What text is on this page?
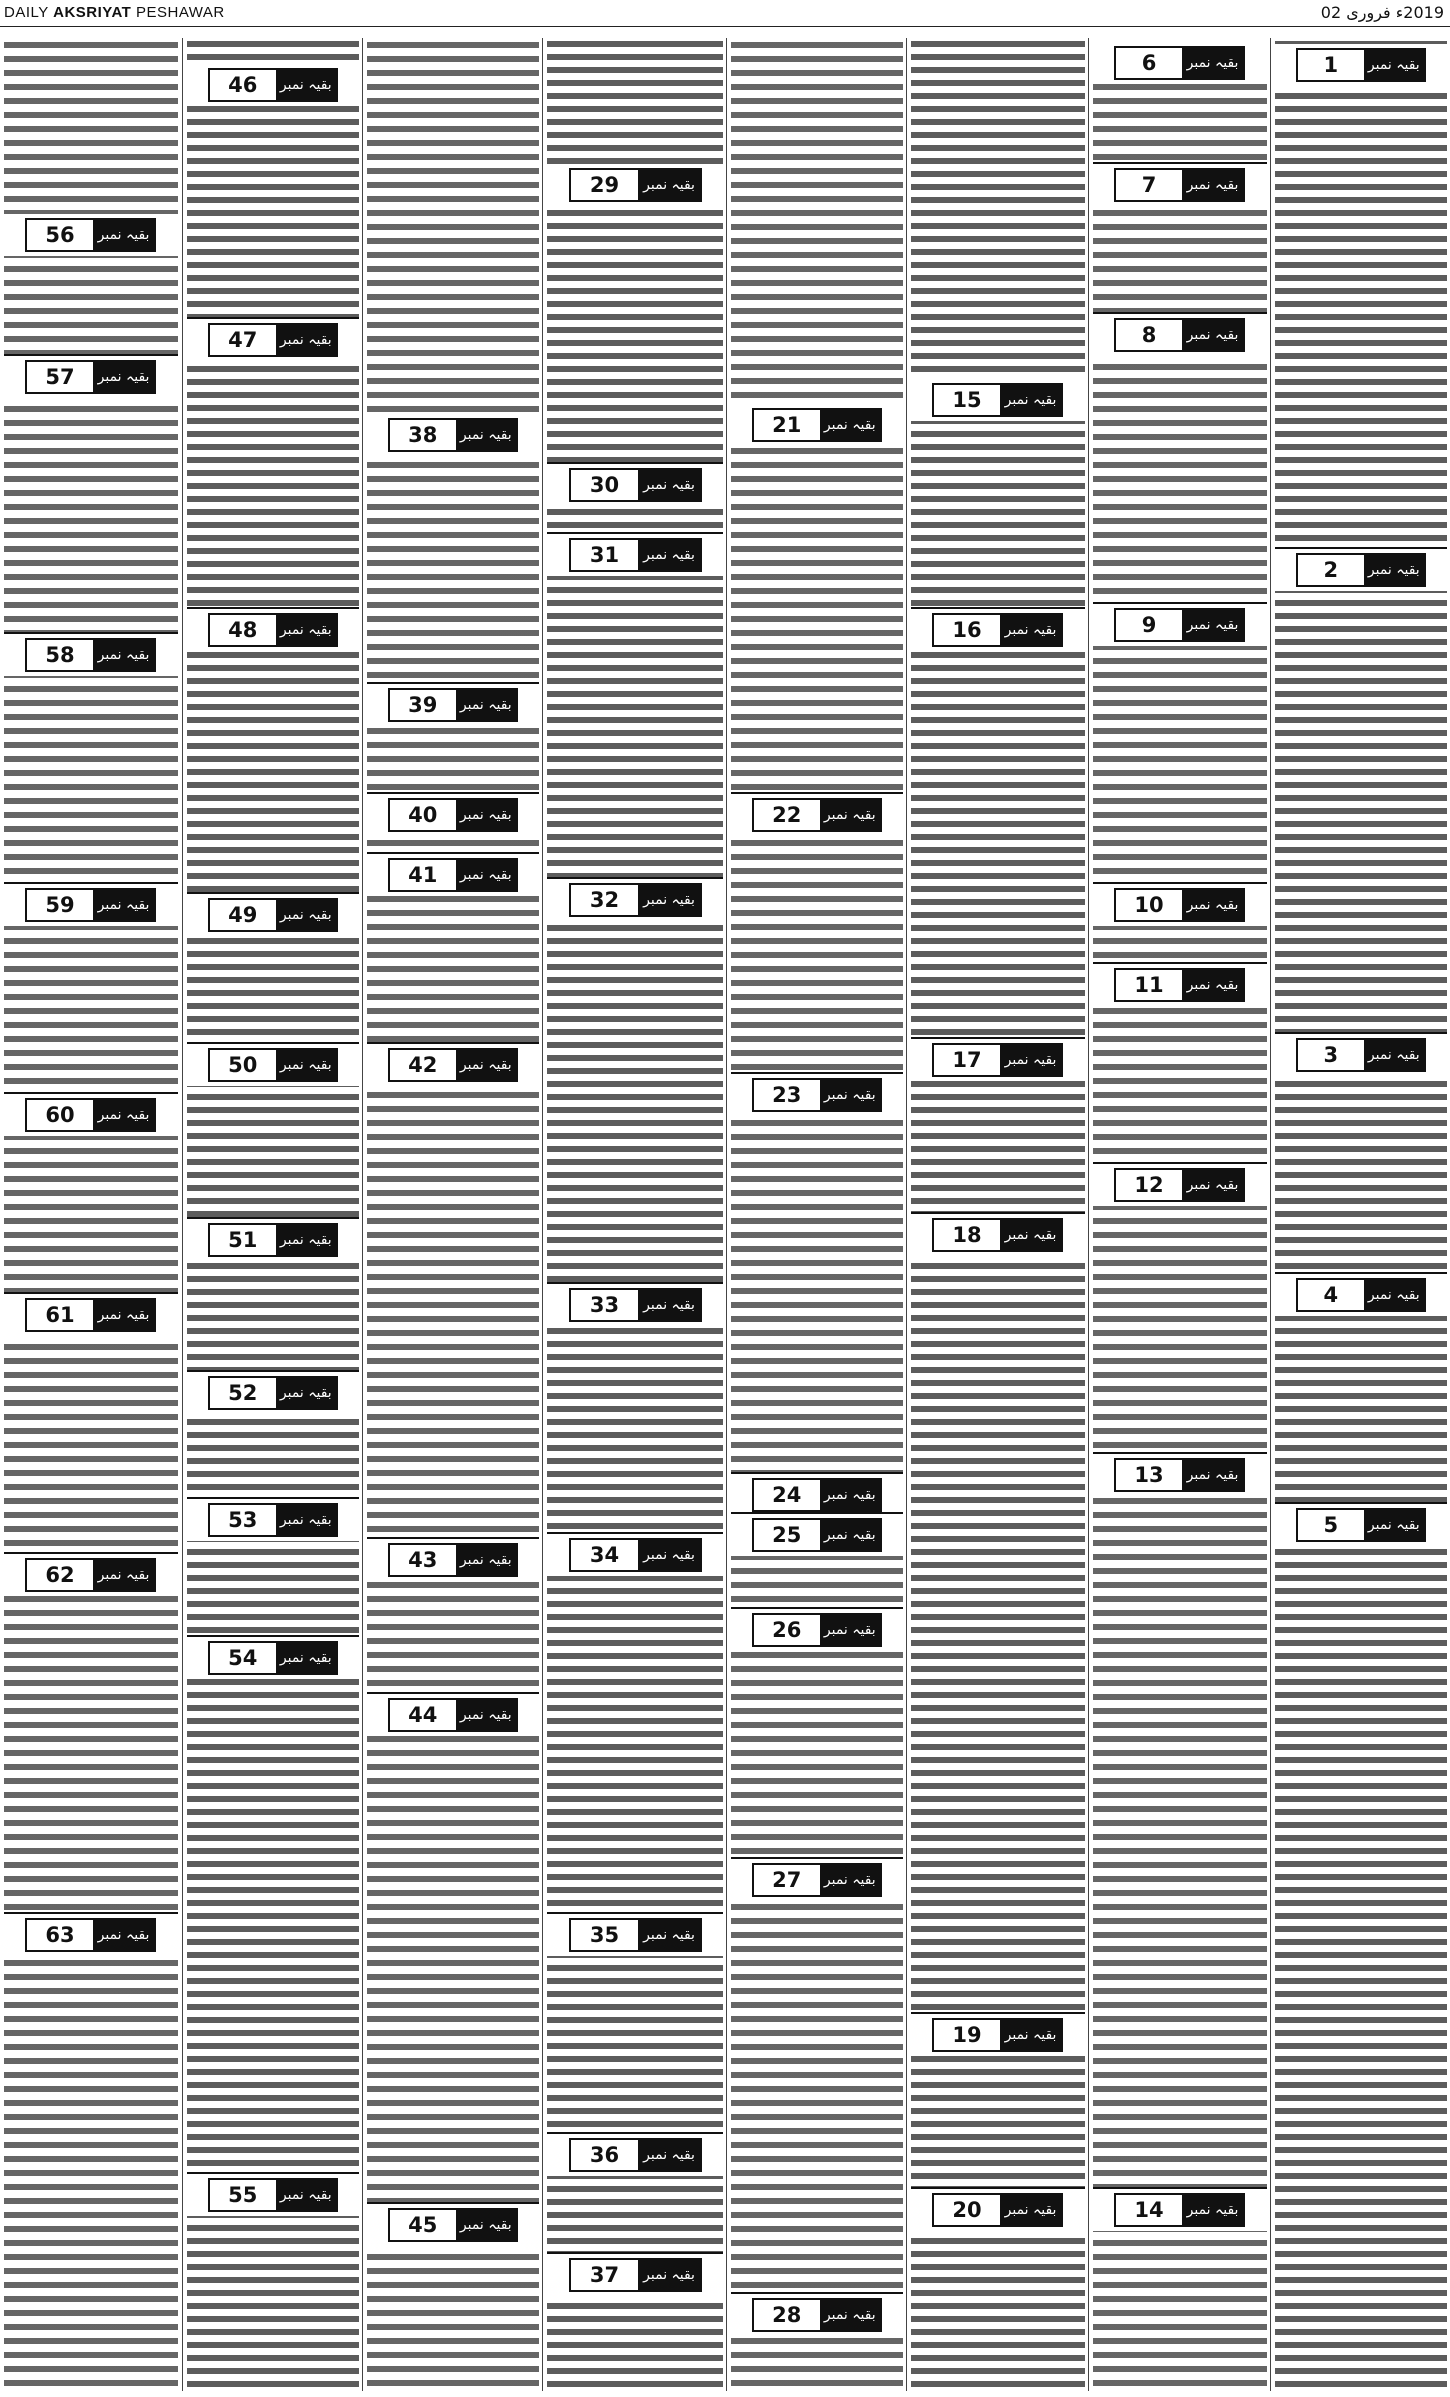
DAILY AKSRIYAT PESHAWAR	2019ء فروری 02
56	بقیہ نمبر
57	بقیہ نمبر
58	بقیہ نمبر
59	بقیہ نمبر
60	بقیہ نمبر
61	بقیہ نمبر
62	بقیہ نمبر
63	بقیہ نمبر
46	بقیہ نمبر
47	بقیہ نمبر
48	بقیہ نمبر
49	بقیہ نمبر
50	بقیہ نمبر
51	بقیہ نمبر
52	بقیہ نمبر
53	بقیہ نمبر
54	بقیہ نمبر
55	بقیہ نمبر
38	بقیہ نمبر
39	بقیہ نمبر
40	بقیہ نمبر
41	بقیہ نمبر
42	بقیہ نمبر
43	بقیہ نمبر
44	بقیہ نمبر
45	بقیہ نمبر
29	بقیہ نمبر
30	بقیہ نمبر
31	بقیہ نمبر
32	بقیہ نمبر
33	بقیہ نمبر
34	بقیہ نمبر
35	بقیہ نمبر
36	بقیہ نمبر
37	بقیہ نمبر
21	بقیہ نمبر
22	بقیہ نمبر
23	بقیہ نمبر
24	بقیہ نمبر
25	بقیہ نمبر
26	بقیہ نمبر
27	بقیہ نمبر
28	بقیہ نمبر
15	بقیہ نمبر
16	بقیہ نمبر
17	بقیہ نمبر
18	بقیہ نمبر
19	بقیہ نمبر
20	بقیہ نمبر
6	بقیہ نمبر
7	بقیہ نمبر
8	بقیہ نمبر
9	بقیہ نمبر
10	بقیہ نمبر
11	بقیہ نمبر
12	بقیہ نمبر
13	بقیہ نمبر
14	بقیہ نمبر
1	بقیہ نمبر
2	بقیہ نمبر
3	بقیہ نمبر
4	بقیہ نمبر
5	بقیہ نمبر
